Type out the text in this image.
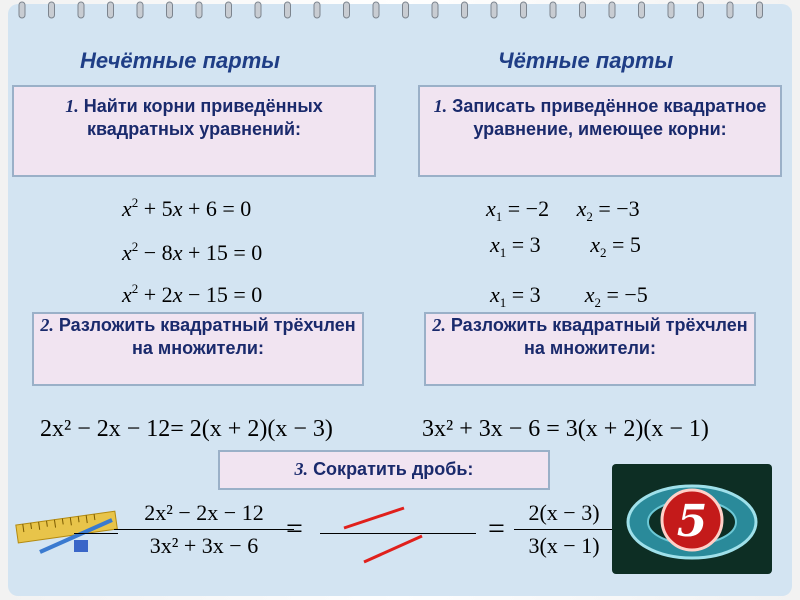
Нечётные парты	Чётные парты
1. Найти корни приведённых квадратных уравнений:
1. Записать приведённое квадратное уравнение, имеющее корни:
$x^2 + 5x + 6 = 0$
$x^2 - 8x + 15 = 0$
$x^2 + 2x - 15 = 0$
$x_1 = -2$ $x_2 = -3$
$x_1 = 3$ $x_2 = 5$
$x_1 = 3$ $x_2 = -5$
2. Разложить квадратный трёхчлен на множители:
2. Разложить квадратный трёхчлен на множители:
2x² − 2x − 12= 2(x + 2)(x − 3)	3x² + 3x − 6 = 3(x + 2)(x − 1)
3. Сократить дробь:
2x² − 2x − 12
3x² + 3x − 6
=	=	2(x − 3)
3(x − 1)	5
